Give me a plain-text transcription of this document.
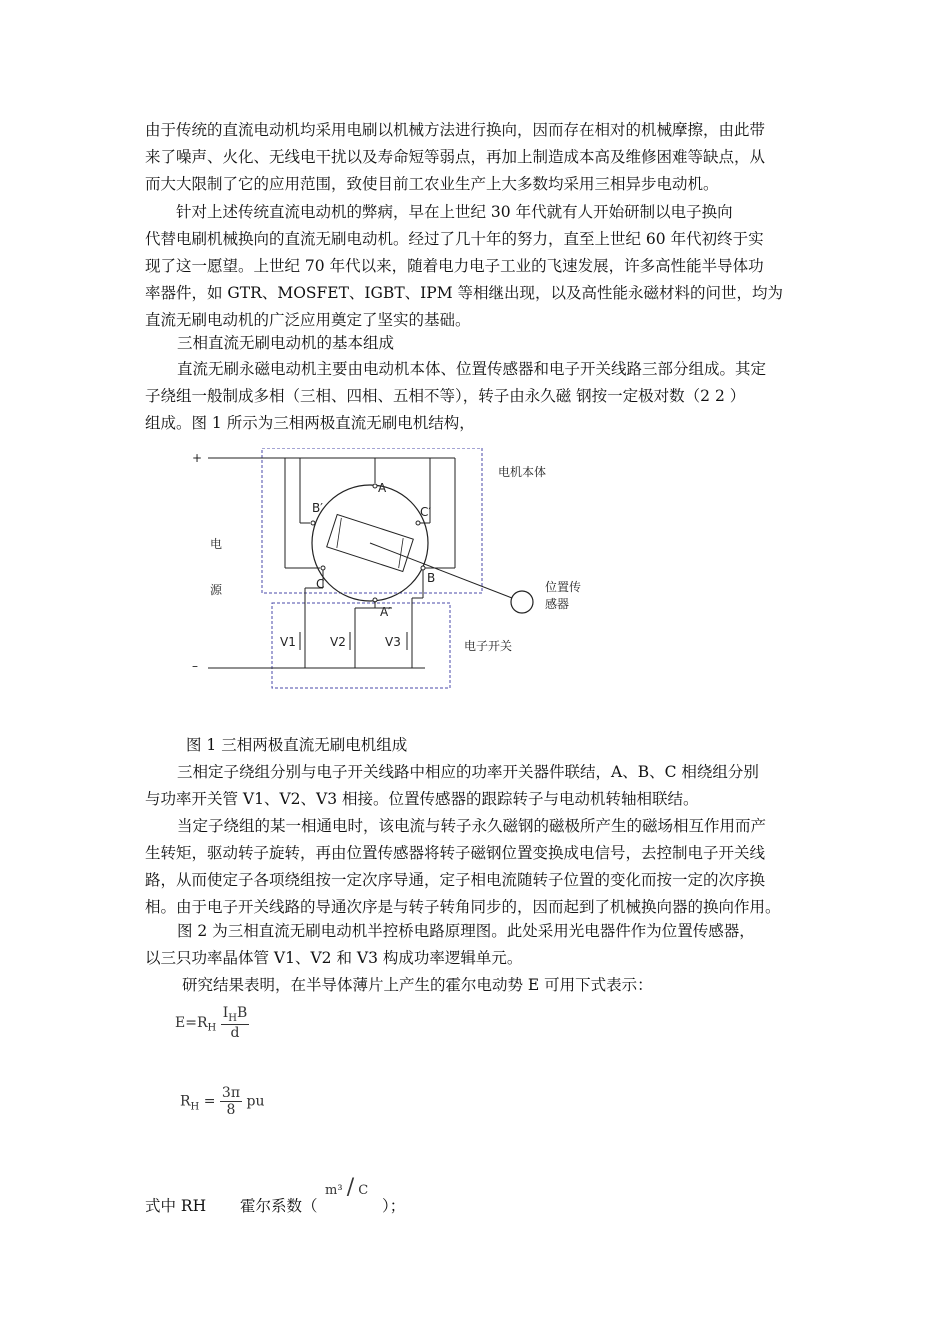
由于传统的直流电动机均采用电刷以机械方法进行换向，因而存在相对的机械摩擦，由此带
来了噪声、火化、无线电干扰以及寿命短等弱点，再加上制造成本高及维修困难等缺点，从
而大大限制了它的应用范围，致使目前工农业生产上大多数均采用三相异步电动机。
　　针对上述传统直流电动机的弊病，早在上世纪 30 年代就有人开始研制以电子换向
代替电刷机械换向的直流无刷电动机。经过了几十年的努力，直至上世纪 60 年代初终于实
现了这一愿望。上世纪 70 年代以来，随着电力电子工业的飞速发展，许多高性能半导体功
率器件，如 GTR、MOSFET、IGBT、IPM 等相继出现，以及高性能永磁材料的问世，均为
直流无刷电动机的广泛应用奠定了坚实的基础。
三相直流无刷电动机的基本组成
直流无刷永磁电动机主要由电动机本体、位置传感器和电子开关线路三部分组成。其定
子绕组一般制成多相（三相、四相、五相不等），转子由永久磁 钢按一定极对数（2 2 ）
组成。图 1 所示为三相两极直流无刷电机结构，
+
–
电
源
电机本体
A
B′	C′
C	B
A′
位置传
感器
电子开关
V1	V2	V3
图 1 三相两极直流无刷电机组成
三相定子绕组分别与电子开关线路中相应的功率开关器件联结，A、B、C 相绕组分别
与功率开关管 V1、V2、V3 相接。位置传感器的跟踪转子与电动机转轴相联结。
当定子绕组的某一相通电时，该电流与转子永久磁钢的磁极所产生的磁场相互作用而产
生转矩，驱动转子旋转，再由位置传感器将转子磁钢位置变换成电信号，去控制电子开关线
路，从而使定子各项绕组按一定次序导通，定子相电流随转子位置的变化而按一定的次序换
相。由于电子开关线路的导通次序是与转子转角同步的，因而起到了机械换向器的换向作用。
图 2 为三相直流无刷电动机半控桥电路原理图。此处采用光电器件作为位置传感器，
以三只功率晶体管 V1、V2 和 V3 构成功率逻辑单元。
研究结果表明，在半导体薄片上产生的霍尔电动势 E 可用下式表示：
$E=R_H \frac{I_HB}{d}$
$R_H = \frac{3\pi}{8}$ pu
式中 RH 霍尔系数（
m³ / C
）；
